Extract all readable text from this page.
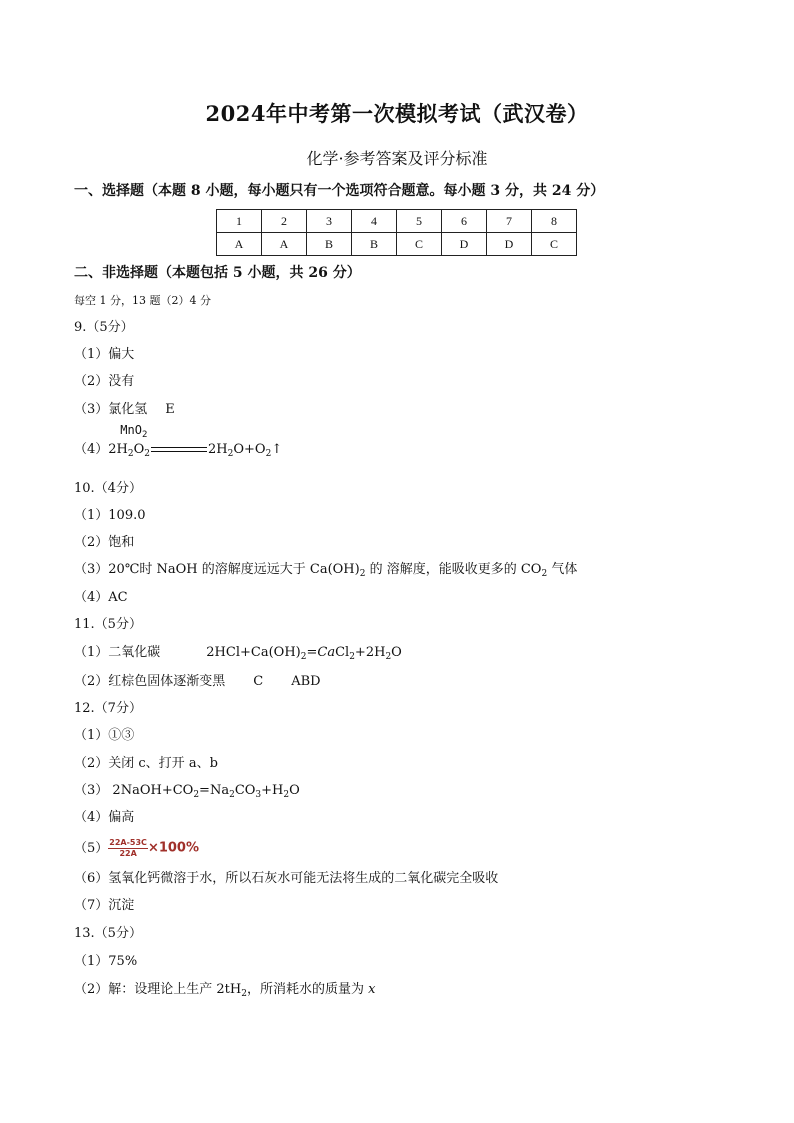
2024年中考第一次模拟考试（武汉卷）
化学·参考答案及评分标准
一、选择题（本题 8 小题，每小题只有一个选项符合题意。每小题 3 分，共 24 分）
1	2	3	4	5	6	7	8
A	A	B	B	C	D	D	C
二、非选择题（本题包括 5 小题，共 26 分）
每空 1 分，13 题（2）4 分
9.（5分）
（1）偏大
（2）没有
（3）氯化氢 E
$(4)2H_2O_2$
MnO$_2$
$2H_2O+O_2↑$
10.（4分）
（1）109.0
（2）饱和
（3）20℃时 NaOH 的溶解度远远大于 $Ca(OH)_2$ 的 溶解度，能吸收更多的 $CO_2$ 气体
（4）AC
11.（5分）
（1）二氧化碳	$2HCl+Ca(OH)_2=CaCl_2+2H_2O$
（2）红棕色固体逐渐变黑 C ABD
12.（7分）
（1）①③
（2）关闭 c、打开 a、b
（3） $2NaOH+CO_2=Na_2CO_3+H_2O$
（4）偏高
$(5) \frac{22A-53C}{22A} \times 100\%$
（6）氢氧化钙微溶于水，所以石灰水可能无法将生成的二氧化碳完全吸收
（7）沉淀
13.（5分）
（1）75%
（2）解：设理论上生产 $2tH_2$，所消耗水的质量为 x
